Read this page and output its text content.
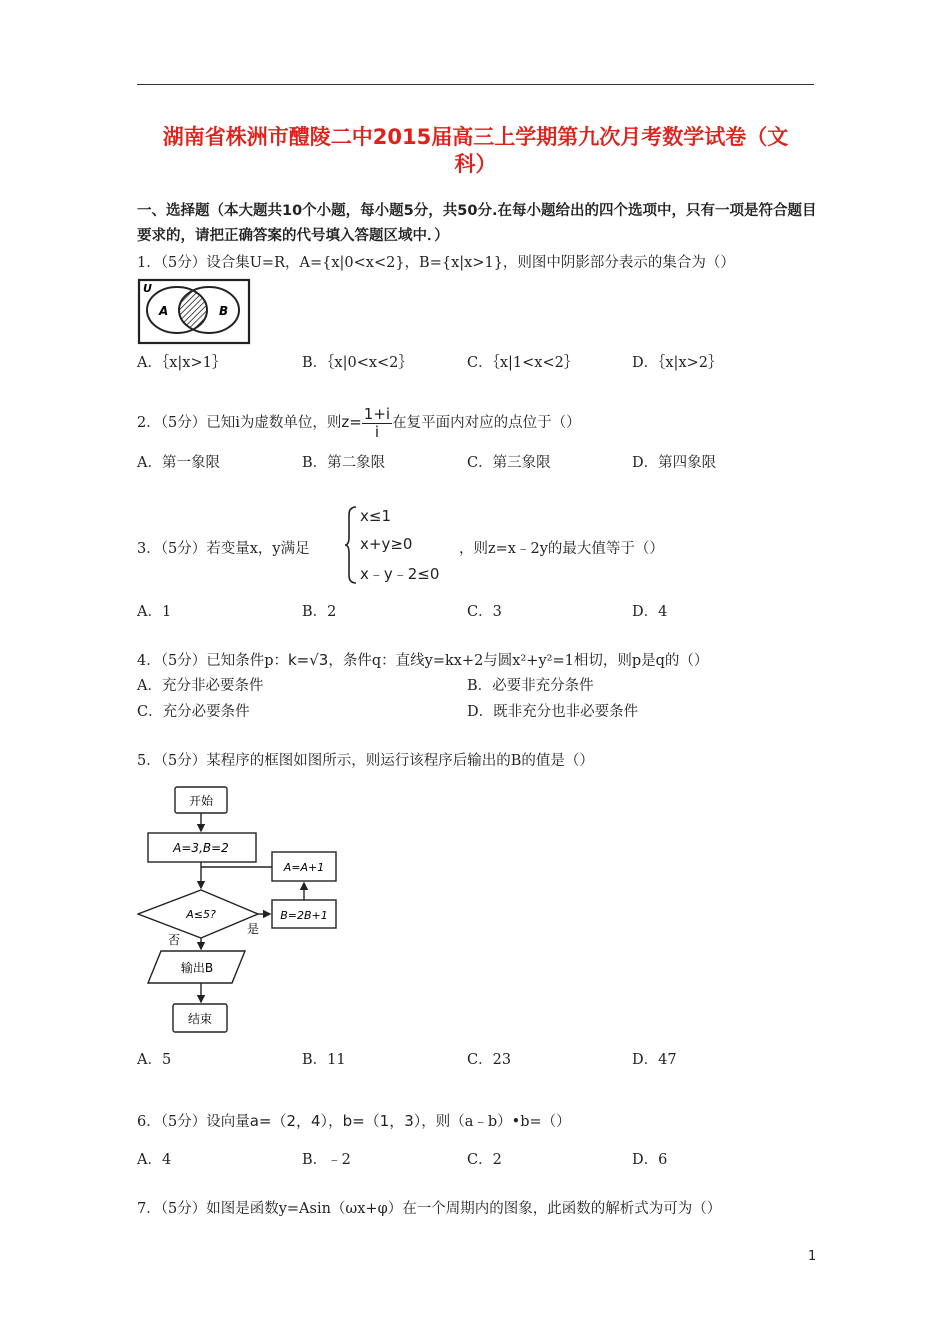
湖南省株洲市醴陵二中2015届高三上学期第九次月考数学试卷（文
科）
一、选择题（本大题共10个小题，每小题5分，共50分.在每小题给出的四个选项中，只有一项是符合题目要求的，请把正确答案的代号填入答题区域中．）
1．（5分）设合集U=R，A={x|0<x<2}，B={x|x>1}，则图中阴影部分表示的集合为（）
U
A	B
A．｛x|x>1｝	B．｛x|0<x<2｝	C．｛x|1<x<2｝	D．｛x|x>2｝
2．（5分）已知i为虚数单位，则$z= \frac{1+i}{i}$ 在复平面内对应的点位于（）
A．第一象限	B．第二象限	C．第三象限	D．第四象限
3．（5分）若变量x，y满足
x≤1
x+y≥0
x﹣y﹣2≤0
，则z=x﹣2y的最大值等于（）
A．1	B．2	C．3	D．4
4．（5分）已知条件p：k=√3，条件q：直线y=kx+2与圆x²+y²=1相切，则p是q的（）
A．充分非必要条件	B．必要非充分条件
C．充分必要条件	D．既非充分也非必要条件
5．（5分）某程序的框图如图所示，则运行该程序后输出的B的值是（）
开始
A=3,B=2
A=A+1
A≤5?	B=2B+1
否
是
输出B
结束
A．5	B．11	C．23	D．47
6．（5分）设向量a=（2，4），b=（1，3），则（a﹣b）•b=（）
A．4	B．﹣2	C．2	D．6
7．（5分）如图是函数y=Asin（ωx+φ）在一个周期内的图象，此函数的解析式为可为（）
1
